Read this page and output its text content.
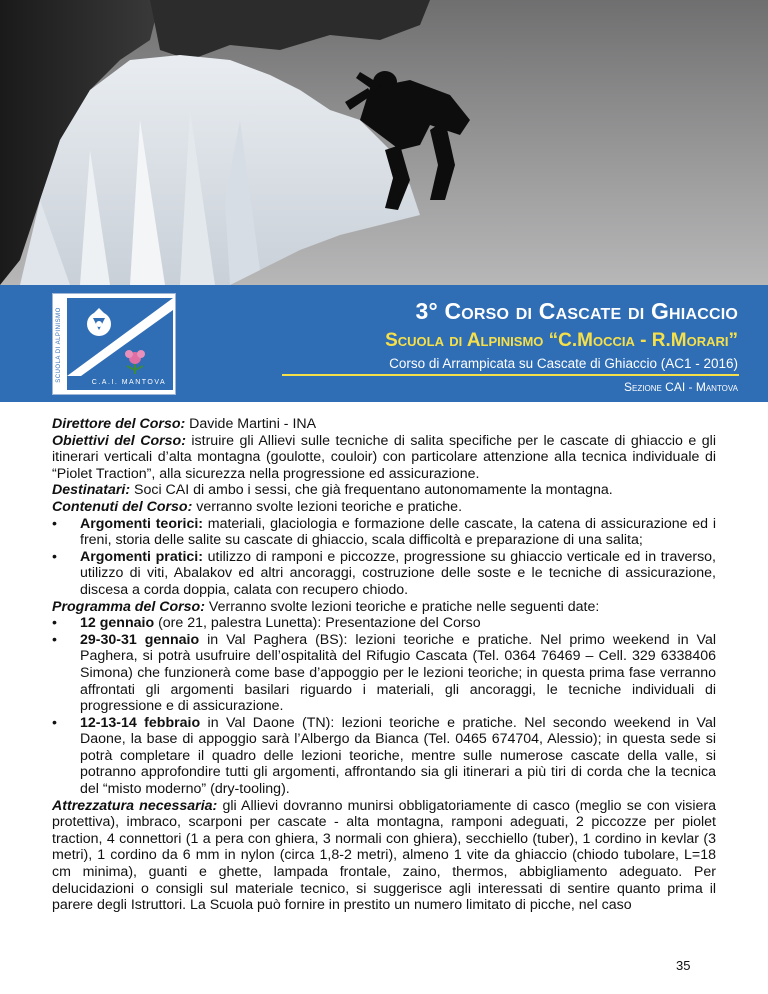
SCUOLA DI ALPINISMO	C.A.I. MANTOVA
3° Corso di Cascate di Ghiaccio
Scuola di Alpinismo “C.Moccia - R.Morari”

Corso di Arrampicata su Cascate di Ghiaccio (AC1 - 2016)

Sezione CAI - Mantova

Direttore del Corso: Davide Martini - INA

Obiettivi del Corso: istruire gli Allievi sulle tecniche di salita specifiche per le cascate di ghiaccio e gli itinerari verticali d’alta montagna (goulotte, couloir) con particolare attenzione alla tecnica individuale di “Piolet Traction”, alla sicurezza nella progressione ed assicurazione.

Destinatari: Soci CAI di ambo i sessi, che già frequentano autonomamente la montagna.

Contenuti del Corso: verranno svolte lezioni teoriche e pratiche.

• Argomenti teorici: materiali, glaciologia e formazione delle cascate, la catena di assicurazione ed i freni, storia delle salite su cascate di ghiaccio, scala difficoltà e preparazione di una salita;

• Argomenti pratici: utilizzo di ramponi e piccozze, progressione su ghiaccio verticale ed in traverso, utilizzo di viti, Abalakov ed altri ancoraggi, costruzione delle soste e le tecniche di assicurazione, discesa a corda doppia, calata con recupero chiodo.

Programma del Corso: Verranno svolte lezioni teoriche e pratiche nelle seguenti date:

• 12 gennaio (ore 21, palestra Lunetta): Presentazione del Corso

• 29-30-31 gennaio in Val Paghera (BS): lezioni teoriche e pratiche. Nel primo weekend in Val Paghera, si potrà usufruire dell’ospitalità del Rifugio Cascata (Tel. 0364 76469 – Cell. 329 6338406 Simona) che funzionerà come base d’appoggio per le lezioni teoriche; in questa prima fase verranno affrontati gli argomenti basilari riguardo i materiali, gli ancoraggi, le tecniche individuali di progressione e di assicurazione.

• 12-13-14 febbraio in Val Daone (TN): lezioni teoriche e pratiche. Nel secondo weekend in Val Daone, la base di appoggio sarà l’Albergo da Bianca (Tel. 0465 674704, Alessio); in questa sede si potrà completare il quadro delle lezioni teoriche, mentre sulle numerose cascate della valle, si potranno approfondire tutti gli argomenti, affrontando sia gli itinerari a più tiri di corda che la tecnica del “misto moderno” (dry-tooling).

Attrezzatura necessaria: gli Allievi dovranno munirsi obbligatoriamente di casco (meglio se con visiera protettiva), imbraco, scarponi per cascate - alta montagna, ramponi adeguati, 2 piccozze per piolet traction, 4 connettori (1 a pera con ghiera, 3 normali con ghiera), secchiello (tuber), 1 cordino in kevlar (3 metri), 1 cordino da 6 mm in nylon (circa 1,8-2 metri), almeno 1 vite da ghiaccio (chiodo tubolare, L=18 cm minima), guanti e ghette, lampada frontale, zaino, thermos, abbigliamento adeguato. Per delucidazioni o consigli sul materiale tecnico, si suggerisce agli interessati di sentire quanto prima il parere degli Istruttori. La Scuola può fornire in prestito un numero limitato di picche, nel caso

35
